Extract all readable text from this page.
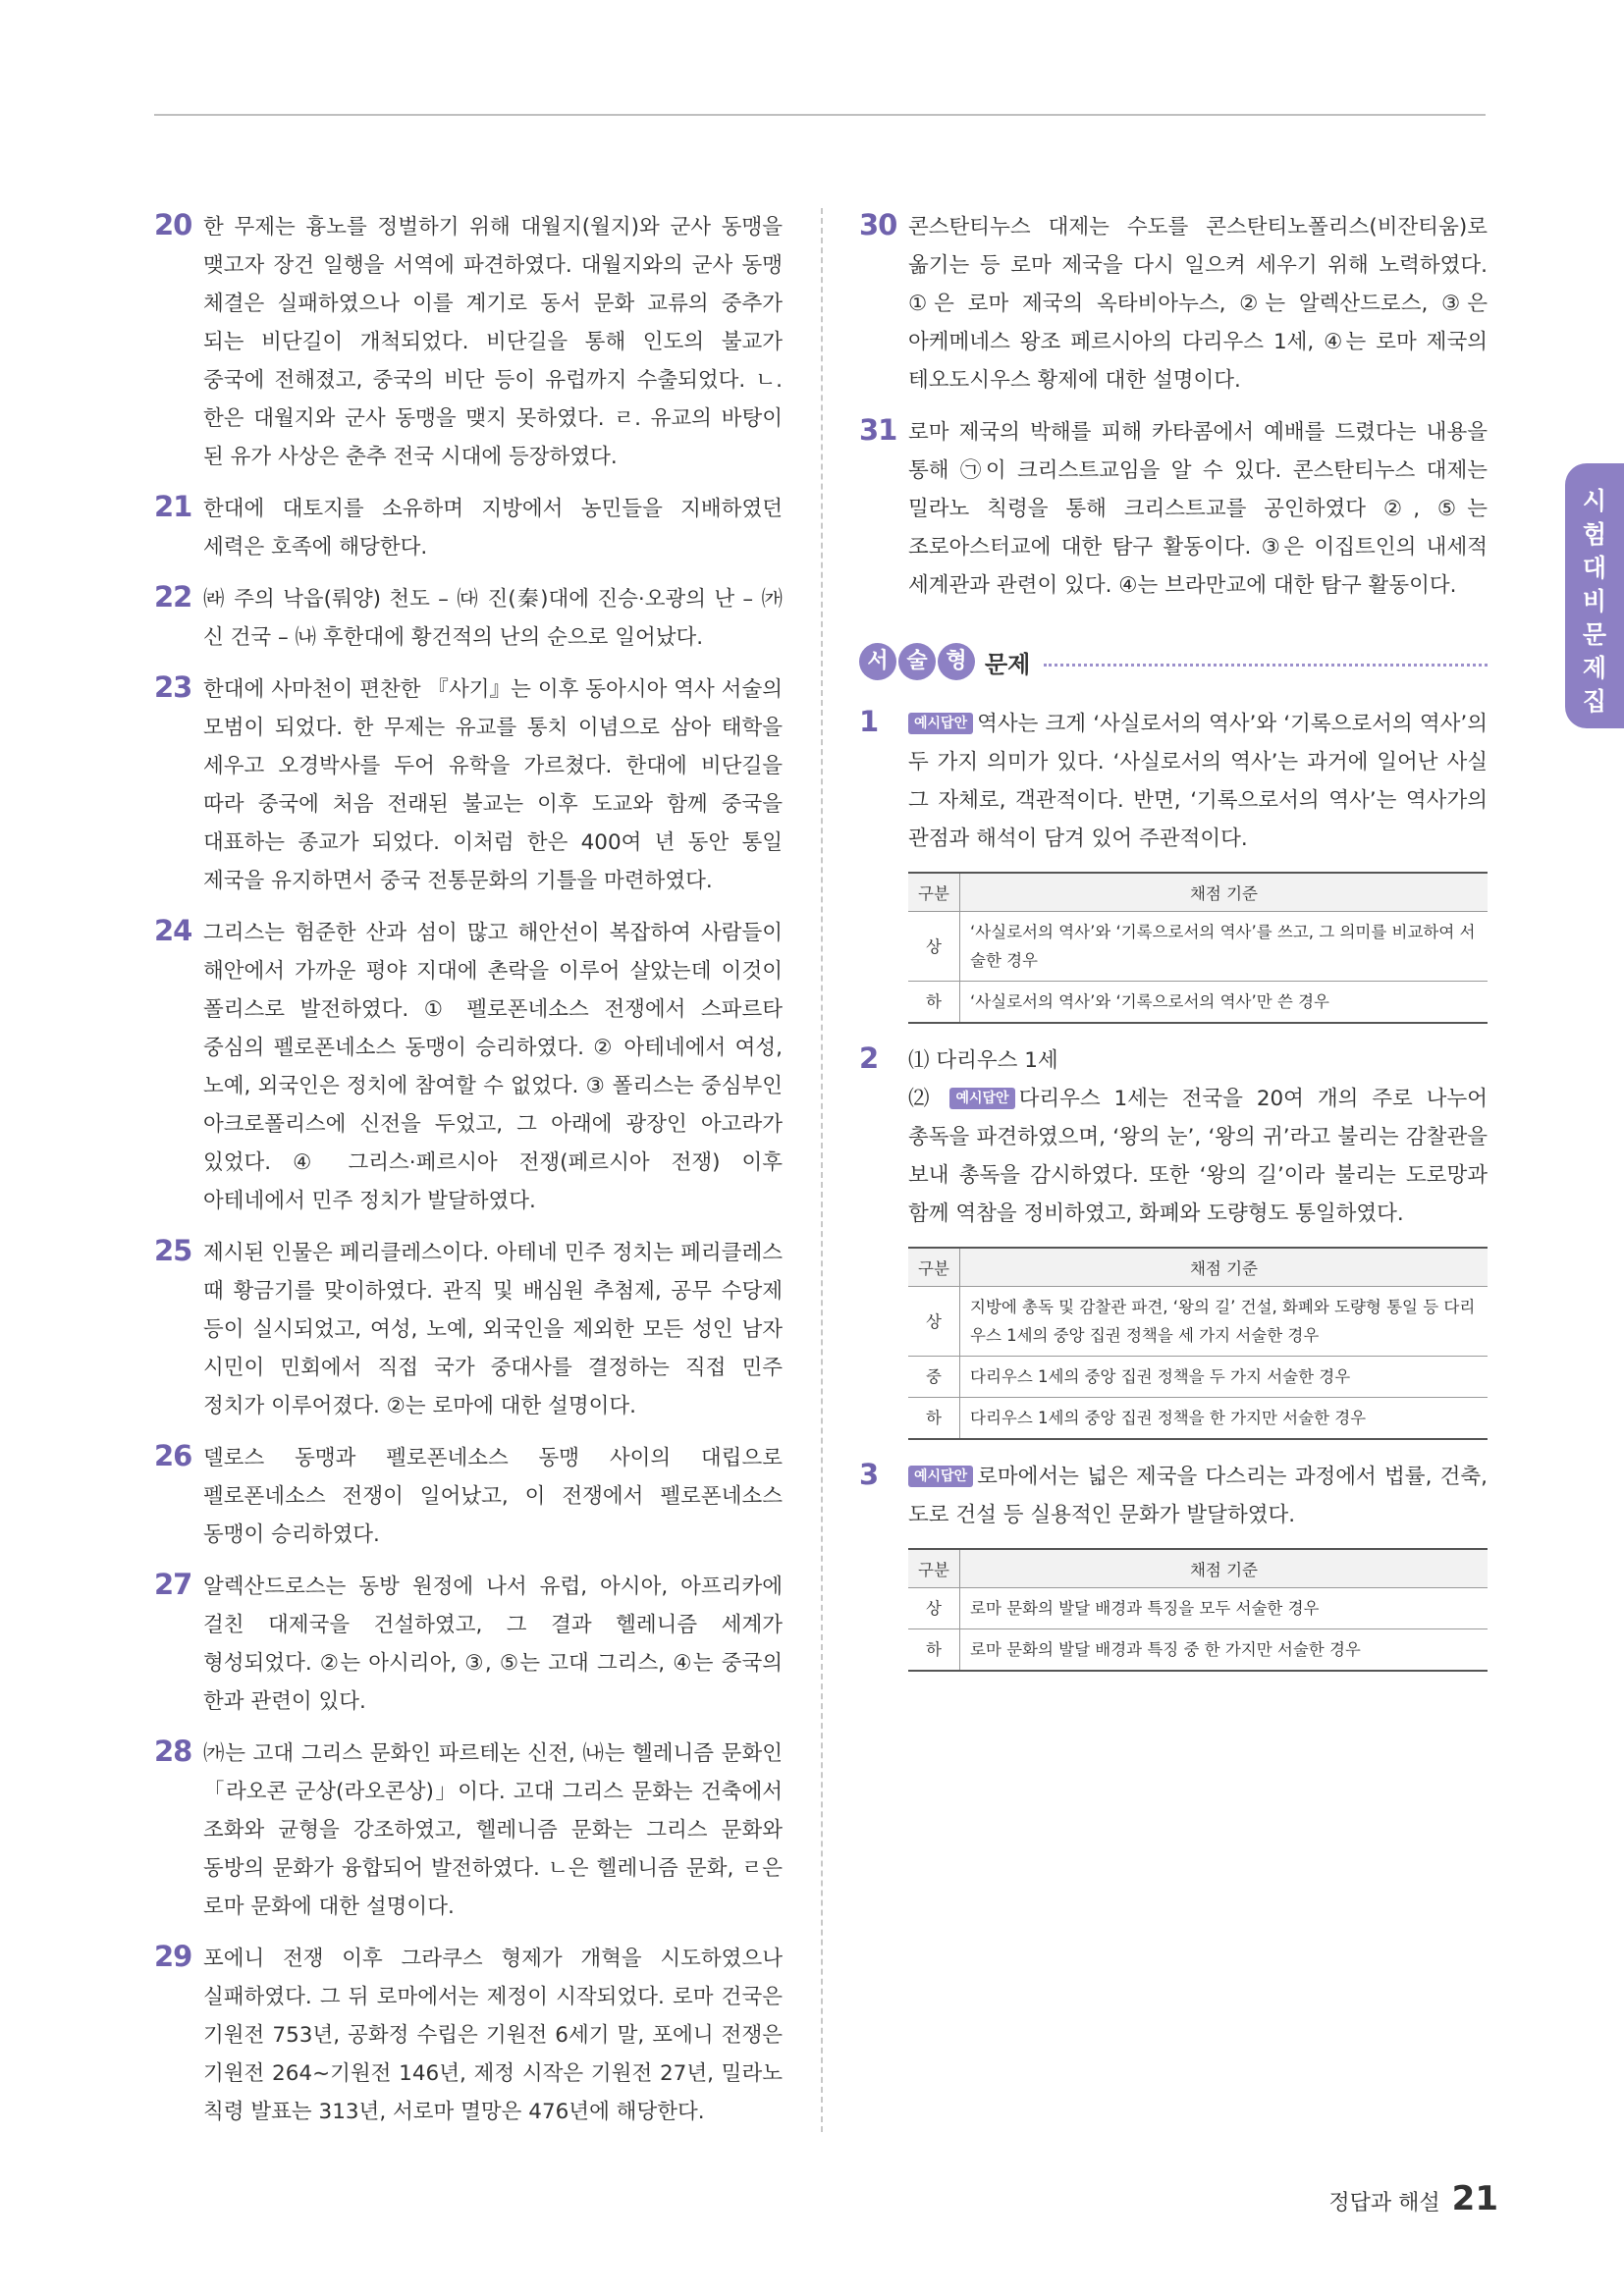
20 한 무제는 흉노를 정벌하기 위해 대월지(월지)와 군사 동맹을 맺고자 장건 일행을 서역에 파견하였다. 대월지와의 군사 동맹 체결은 실패하였으나 이를 계기로 동서 문화 교류의 중추가 되는 비단길이 개척되었다. 비단길을 통해 인도의 불교가 중국에 전해졌고, 중국의 비단 등이 유럽까지 수출되었다. ㄴ. 한은 대월지와 군사 동맹을 맺지 못하였다. ㄹ. 유교의 바탕이 된 유가 사상은 춘추 전국 시대에 등장하였다.
21 한대에 대토지를 소유하며 지방에서 농민들을 지배하였던 세력은 호족에 해당한다.
22 ㈑ 주의 낙읍(뤄양) 천도 – ㈐ 진(秦)대에 진승·오광의 난 – ㈎ 신 건국 – ㈏ 후한대에 황건적의 난의 순으로 일어났다.
23 한대에 사마천이 편찬한 『사기』는 이후 동아시아 역사 서술의 모범이 되었다. 한 무제는 유교를 통치 이념으로 삼아 태학을 세우고 오경박사를 두어 유학을 가르쳤다. 한대에 비단길을 따라 중국에 처음 전래된 불교는 이후 도교와 함께 중국을 대표하는 종교가 되었다. 이처럼 한은 400여 년 동안 통일 제국을 유지하면서 중국 전통문화의 기틀을 마련하였다.
24 그리스는 험준한 산과 섬이 많고 해안선이 복잡하여 사람들이 해안에서 가까운 평야 지대에 촌락을 이루어 살았는데 이것이 폴리스로 발전하였다. ① 펠로폰네소스 전쟁에서 스파르타 중심의 펠로폰네소스 동맹이 승리하였다. ② 아테네에서 여성, 노예, 외국인은 정치에 참여할 수 없었다. ③ 폴리스는 중심부인 아크로폴리스에 신전을 두었고, 그 아래에 광장인 아고라가 있었다. ④ 그리스·페르시아 전쟁(페르시아 전쟁) 이후 아테네에서 민주 정치가 발달하였다.
25 제시된 인물은 페리클레스이다. 아테네 민주 정치는 페리클레스 때 황금기를 맞이하였다. 관직 및 배심원 추첨제, 공무 수당제 등이 실시되었고, 여성, 노예, 외국인을 제외한 모든 성인 남자 시민이 민회에서 직접 국가 중대사를 결정하는 직접 민주 정치가 이루어졌다. ②는 로마에 대한 설명이다.
26 델로스 동맹과 펠로폰네소스 동맹 사이의 대립으로 펠로폰네소스 전쟁이 일어났고, 이 전쟁에서 펠로폰네소스 동맹이 승리하였다.
27 알렉산드로스는 동방 원정에 나서 유럽, 아시아, 아프리카에 걸친 대제국을 건설하였고, 그 결과 헬레니즘 세계가 형성되었다. ②는 아시리아, ③, ⑤는 고대 그리스, ④는 중국의 한과 관련이 있다.
28 ㈎는 고대 그리스 문화인 파르테논 신전, ㈏는 헬레니즘 문화인 「라오콘 군상(라오콘상)」이다. 고대 그리스 문화는 건축에서 조화와 균형을 강조하였고, 헬레니즘 문화는 그리스 문화와 동방의 문화가 융합되어 발전하였다. ㄴ은 헬레니즘 문화, ㄹ은 로마 문화에 대한 설명이다.
29 포에니 전쟁 이후 그라쿠스 형제가 개혁을 시도하였으나 실패하였다. 그 뒤 로마에서는 제정이 시작되었다. 로마 건국은 기원전 753년, 공화정 수립은 기원전 6세기 말, 포에니 전쟁은 기원전 264~기원전 146년, 제정 시작은 기원전 27년, 밀라노 칙령 발표는 313년, 서로마 멸망은 476년에 해당한다.
30 콘스탄티누스 대제는 수도를 콘스탄티노폴리스(비잔티움)로 옮기는 등 로마 제국을 다시 일으켜 세우기 위해 노력하였다. ①은 로마 제국의 옥타비아누스, ②는 알렉산드로스, ③은 아케메네스 왕조 페르시아의 다리우스 1세, ④는 로마 제국의 테오도시우스 황제에 대한 설명이다.
31 로마 제국의 박해를 피해 카타콤에서 예배를 드렸다는 내용을 통해 ㉠이 크리스트교임을 알 수 있다. 콘스탄티누스 대제는 밀라노 칙령을 통해 크리스트교를 공인하였다 ②, ⑤는 조로아스터교에 대한 탐구 활동이다. ③은 이집트인의 내세적 세계관과 관련이 있다. ④는 브라만교에 대한 탐구 활동이다.
서 술 형 문제
1	예시답안 역사는 크게 ‘사실로서의 역사’와 ‘기록으로서의 역사’의 두 가지 의미가 있다. ‘사실로서의 역사’는 과거에 일어난 사실 그 자체로, 객관적이다. 반면, ‘기록으로서의 역사’는 역사가의 관점과 해석이 담겨 있어 주관적이다.
구분	채점 기준
상	‘사실로서의 역사’와 ‘기록으로서의 역사’를 쓰고, 그 의미를 비교하여 서술한 경우
하	‘사실로서의 역사’와 ‘기록으로서의 역사’만 쓴 경우
2 ⑴ 다리우스 1세
⑵ 예시답안 다리우스 1세는 전국을 20여 개의 주로 나누어 총독을 파견하였으며, ‘왕의 눈’, ‘왕의 귀’라고 불리는 감찰관을 보내 총독을 감시하였다. 또한 ‘왕의 길’이라 불리는 도로망과 함께 역참을 정비하였고, 화폐와 도량형도 통일하였다.
구분	채점 기준
상	지방에 총독 및 감찰관 파견, ‘왕의 길’ 건설, 화폐와 도량형 통일 등 다리우스 1세의 중앙 집권 정책을 세 가지 서술한 경우
중	다리우스 1세의 중앙 집권 정책을 두 가지 서술한 경우
하	다리우스 1세의 중앙 집권 정책을 한 가지만 서술한 경우
3	예시답안 로마에서는 넓은 제국을 다스리는 과정에서 법률, 건축, 도로 건설 등 실용적인 문화가 발달하였다.
구분	채점 기준
상	로마 문화의 발달 배경과 특징을 모두 서술한 경우
하	로마 문화의 발달 배경과 특징 중 한 가지만 서술한 경우
시험대비문제집
정답과 해설 21
